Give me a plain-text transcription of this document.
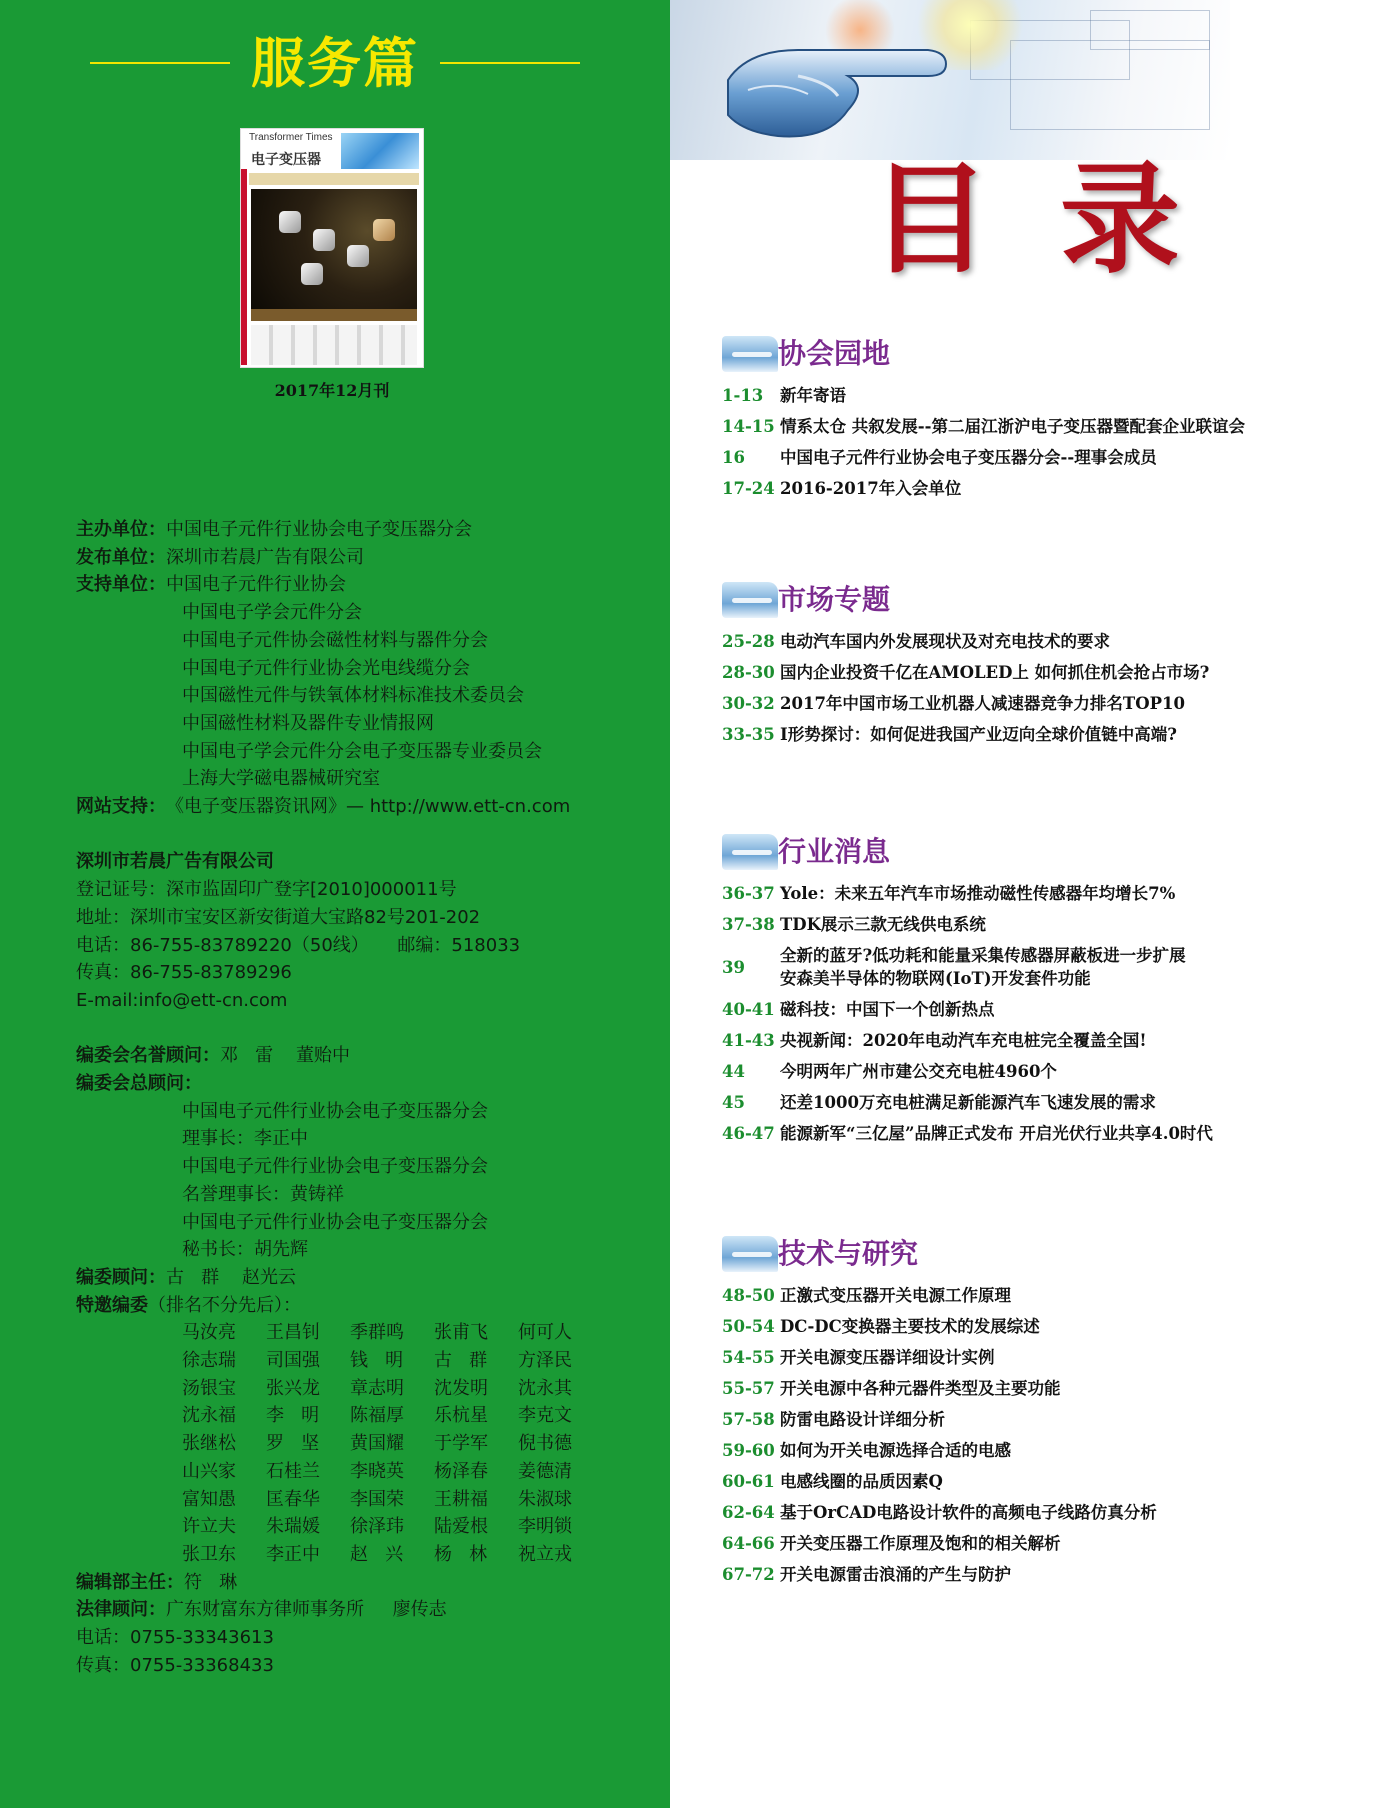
服务篇
Transformer Times
电子变压器
2017年12月刊
主办单位： 中国电子元件行业协会电子变压器分会
发布单位： 深圳市若晨广告有限公司
支持单位： 中国电子元件行业协会
中国电子学会元件分会
中国电子元件协会磁性材料与器件分会
中国电子元件行业协会光电线缆分会
中国磁性元件与铁氧体材料标准技术委员会
中国磁性材料及器件专业情报网
中国电子学会元件分会电子变压器专业委员会
上海大学磁电器械研究室
网站支持： 《电子变压器资讯网》— http://www.ett-cn.com
深圳市若晨广告有限公司
登记证号：深市监固印广登字[2010]000011号
地址：深圳市宝安区新安街道大宝路82号201-202
电话：86-755-83789220（50线）     邮编：518033
传真：86-755-83789296
E-mail:info@ett-cn.com
编委会名誉顾问： 邓   雷    董贻中
编委会总顾问：
中国电子元件行业协会电子变压器分会
理事长：李正中
中国电子元件行业协会电子变压器分会
名誉理事长：黄铸祥
中国电子元件行业协会电子变压器分会
秘书长：胡先辉
编委顾问： 古   群    赵光云
特邀编委 （排名不分先后）：
马汝亮	王昌钊	季群鸣	张甫飞	何可人
徐志瑞	司国强	钱   明	古   群	方泽民
汤银宝	张兴龙	章志明	沈发明	沈永其
沈永福	李   明	陈福厚	乐杭星	李克文
张继松	罗   坚	黄国耀	于学军	倪书德
山兴家	石桂兰	李晓英	杨泽春	姜德清
富知愚	匡春华	李国荣	王耕福	朱淑球
许立夫	朱瑞媛	徐泽玮	陆爱根	李明锁
张卫东	李正中	赵   兴	杨   林	祝立戎
编辑部主任： 符   琳
法律顾问： 广东财富东方律师事务所     廖传志
电话：0755-33343613
传真：0755-33368433
目录
协会园地
1-13	新年寄语
14-15 情系太仓 共叙发展--第二届江浙沪电子变压器暨配套企业联谊会
16	中国电子元件行业协会电子变压器分会--理事会成员
17-24 2016-2017年入会单位
市场专题
25-28 电动汽车国内外发展现状及对充电技术的要求
28-30 国内企业投资千亿在AMOLED上 如何抓住机会抢占市场?
30-32 2017年中国市场工业机器人减速器竞争力排名TOP10
33-35 I形势探讨：如何促进我国产业迈向全球价值链中高端?
行业消息
36-37 Yole：未来五年汽车市场推动磁性传感器年均增长7%
37-38 TDK展示三款无线供电系统
39
全新的蓝牙?低功耗和能量采集传感器屏蔽板进一步扩展
安森美半导体的物联网(IoT)开发套件功能
40-41 磁科技：中国下一个创新热点
41-43 央视新闻：2020年电动汽车充电桩完全覆盖全国!
44	今明两年广州市建公交充电桩4960个
45	还差1000万充电桩满足新能源汽车飞速发展的需求
46-47 能源新军“三亿屋”品牌正式发布 开启光伏行业共享4.0时代
技术与研究
48-50 正激式变压器开关电源工作原理
50-54 DC-DC变换器主要技术的发展综述
54-55 开关电源变压器详细设计实例
55-57 开关电源中各种元器件类型及主要功能
57-58 防雷电路设计详细分析
59-60 如何为开关电源选择合适的电感
60-61 电感线圈的品质因素Q
62-64 基于OrCAD电路设计软件的高频电子线路仿真分析
64-66 开关变压器工作原理及饱和的相关解析
67-72 开关电源雷击浪涌的产生与防护
